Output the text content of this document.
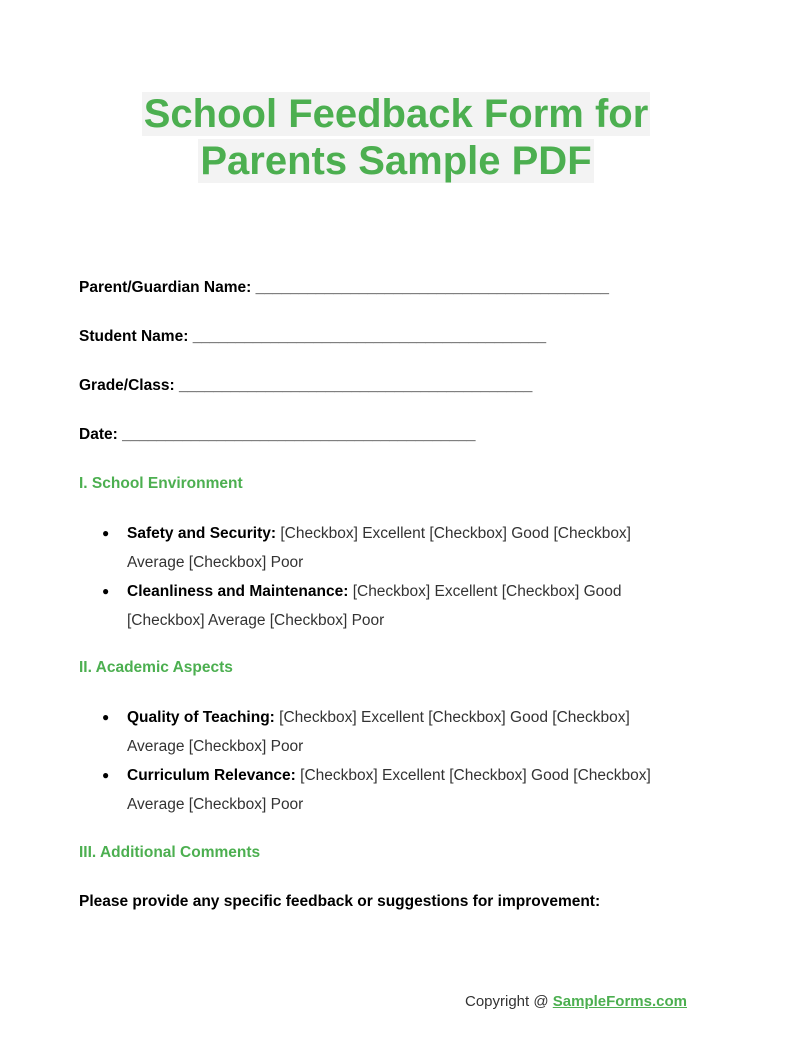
School Feedback Form for
Parents Sample PDF
Parent/Guardian Name: _________________________________________
Student Name: _________________________________________
Grade/Class: _________________________________________
Date: _________________________________________
I. School Environment
● Safety and Security: [Checkbox] Excellent [Checkbox] Good [Checkbox] Average [Checkbox] Poor
● Cleanliness and Maintenance: [Checkbox] Excellent [Checkbox] Good [Checkbox] Average [Checkbox] Poor
II. Academic Aspects
● Quality of Teaching: [Checkbox] Excellent [Checkbox] Good [Checkbox] Average [Checkbox] Poor
● Curriculum Relevance: [Checkbox] Excellent [Checkbox] Good [Checkbox] Average [Checkbox] Poor
III. Additional Comments
Please provide any specific feedback or suggestions for improvement:
Copyright @ SampleForms.com
